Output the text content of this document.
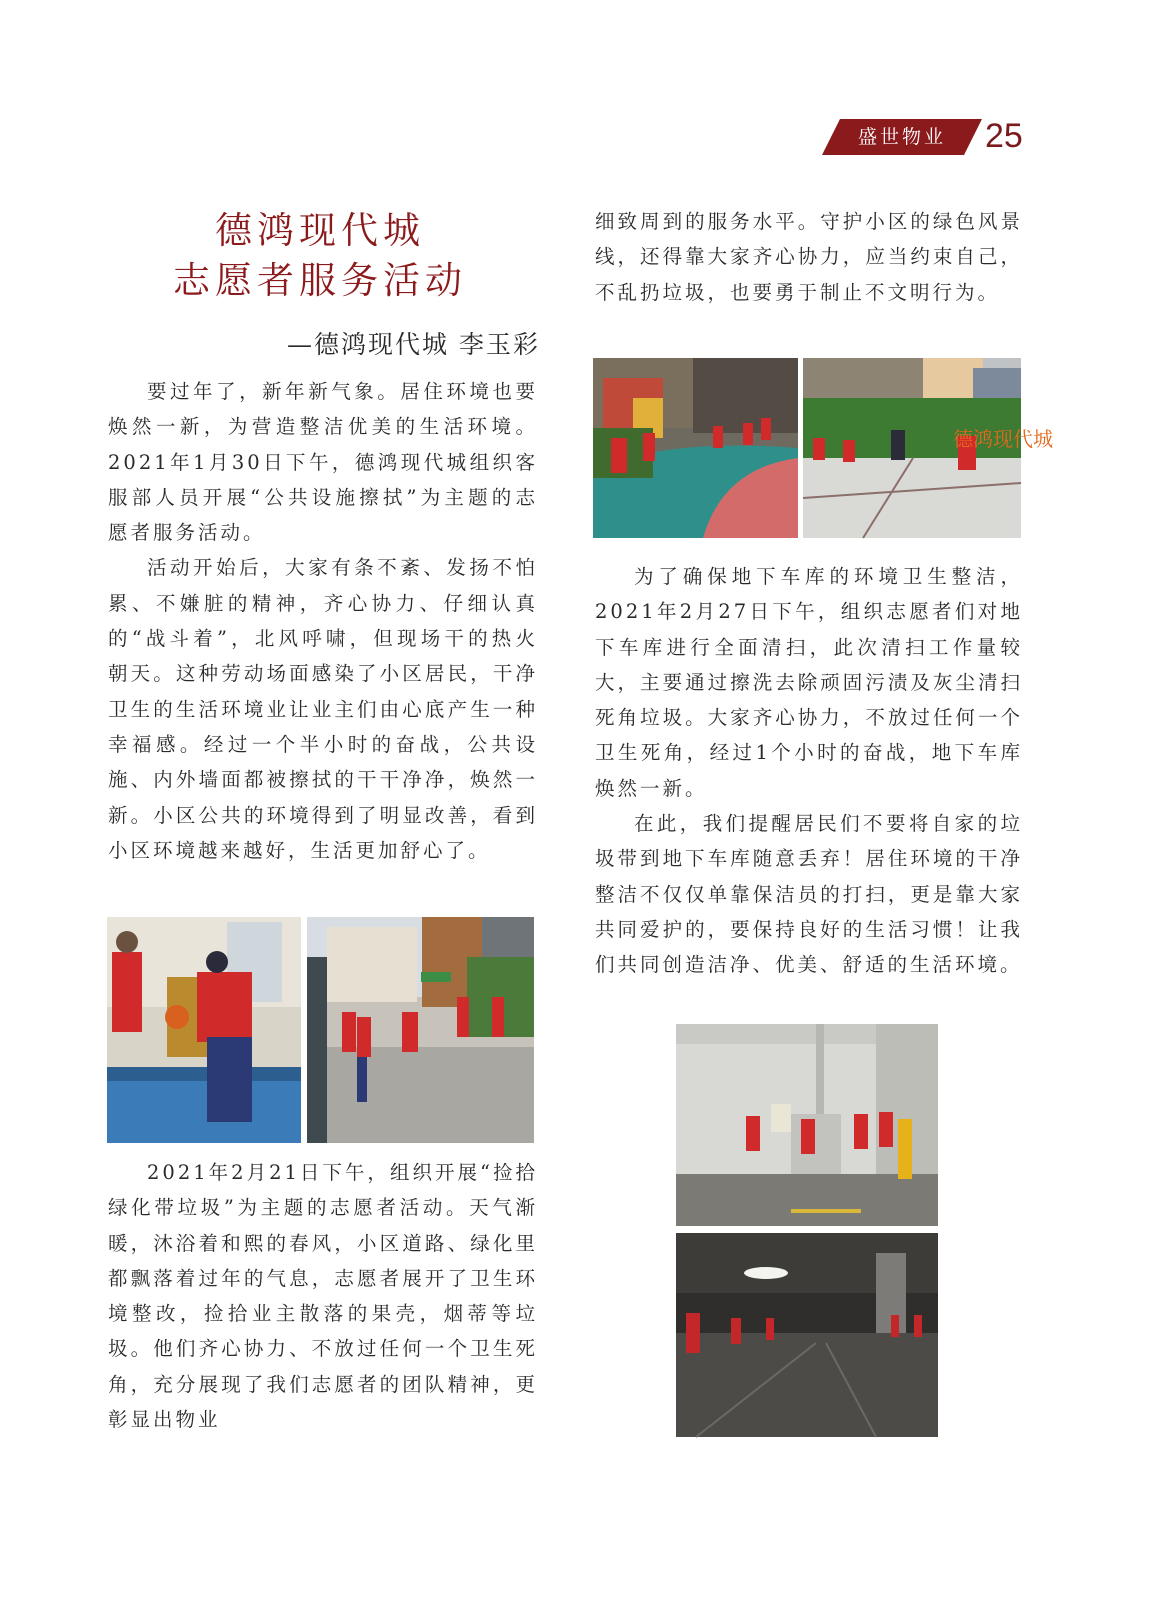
盛世物业	25
德鸿现代城
志愿者服务活动
—德鸿现代城 李玉彩

要过年了，新年新气象。居住环境也要焕然一新，为营造整洁优美的生活环境。2021年1月30日下午，德鸿现代城组织客服部人员开展“公共设施擦拭”为主题的志愿者服务活动。

活动开始后，大家有条不紊、发扬不怕累、不嫌脏的精神，齐心协力、仔细认真的“战斗着”，北风呼啸，但现场干的热火朝天。这种劳动场面感染了小区居民，干净卫生的生活环境业让业主们由心底产生一种幸福感。经过一个半小时的奋战，公共设施、内外墙面都被擦拭的干干净净，焕然一新。小区公共的环境得到了明显改善，看到小区环境越来越好，生活更加舒心了。

2021年2月21日下午，组织开展“捡拾绿化带垃圾”为主题的志愿者活动。天气渐暖，沐浴着和熙的春风，小区道路、绿化里都飘落着过年的气息，志愿者展开了卫生环境整改，捡拾业主散落的果壳，烟蒂等垃圾。他们齐心协力、不放过任何一个卫生死角，充分展现了我们志愿者的团队精神，更彰显出物业

细致周到的服务水平。守护小区的绿色风景线，还得靠大家齐心协力，应当约束自己，不乱扔垃圾，也要勇于制止不文明行为。

德鸿现代城

为了确保地下车库的环境卫生整洁，2021年2月27日下午，组织志愿者们对地下车库进行全面清扫，此次清扫工作量较大，主要通过擦洗去除顽固污渍及灰尘清扫死角垃圾。大家齐心协力，不放过任何一个卫生死角，经过1个小时的奋战，地下车库焕然一新。

在此，我们提醒居民们不要将自家的垃圾带到地下车库随意丢弃！居住环境的干净整洁不仅仅单靠保洁员的打扫，更是靠大家共同爱护的，要保持良好的生活习惯！让我们共同创造洁净、优美、舒适的生活环境。
